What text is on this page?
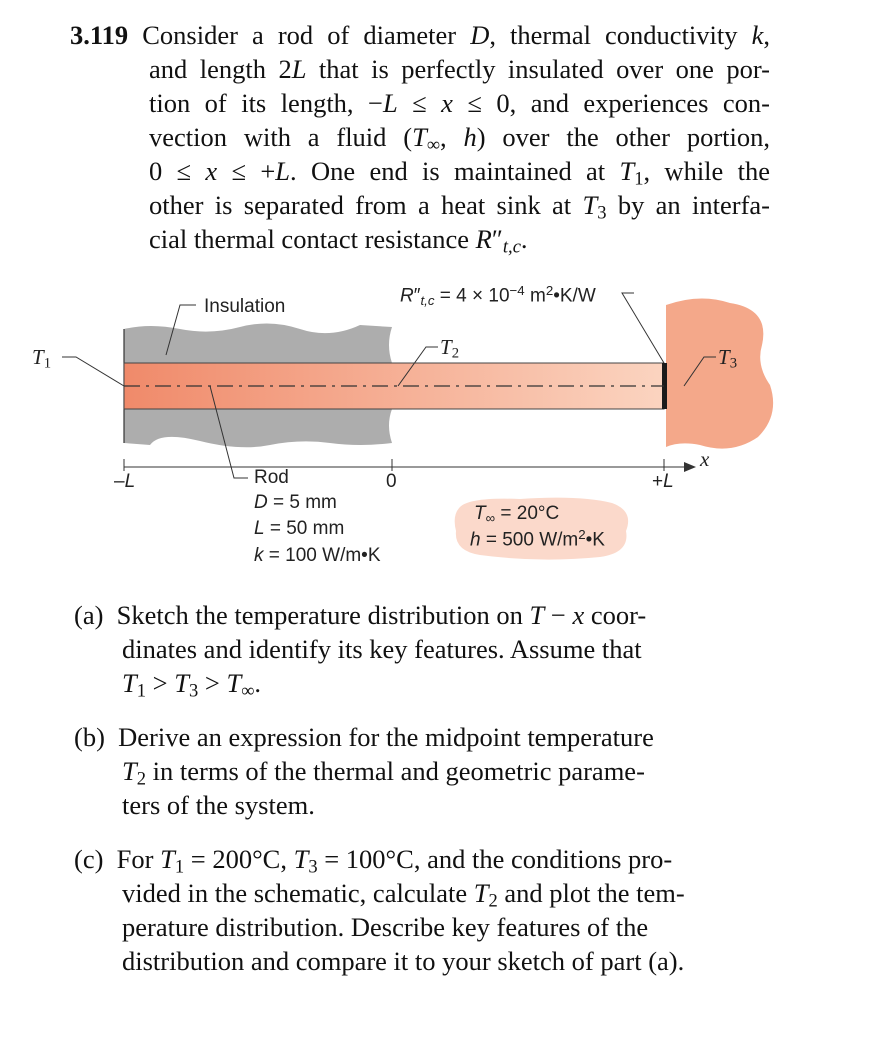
3.119 Consider a rod of diameter D, thermal conductivity k,
and length 2L that is perfectly insulated over one por-
tion of its length, −L ≤ x ≤ 0, and experiences con-
vection with a fluid ($T_\infty$, h) over the other portion,
0 ≤ x ≤ +L. One end is maintained at $T_1$, while the
other is separated from a heat sink at $T_3$ by an interfa-
cial thermal contact resistance $R''_{t,c}$.
Insulation	$R''t,c = 4 \times 10^{-4}$ $m^2•K/W$
T1
T2	T3
x
–L	0	+L
Rod
D = 5 mm
L = 50 mm
k = 100 W/m•K
T∞ = 20°C
h = 500 $W/m^2•K$
(a)  Sketch the temperature distribution on T − x coor-
dinates and identify its key features. Assume that
$T_1 > T_3 > T_\infty$.
(b)  Derive an expression for the midpoint temperature
$T_2$ in terms of the thermal and geometric parame-
ters of the system.
(c)  For $T_1 = 200^\circ C$, $T_3 = 100^\circ C$, and the conditions pro-
vided in the schematic, calculate $T_2$ and plot the tem-
perature distribution. Describe key features of the
distribution and compare it to your sketch of part (a).
